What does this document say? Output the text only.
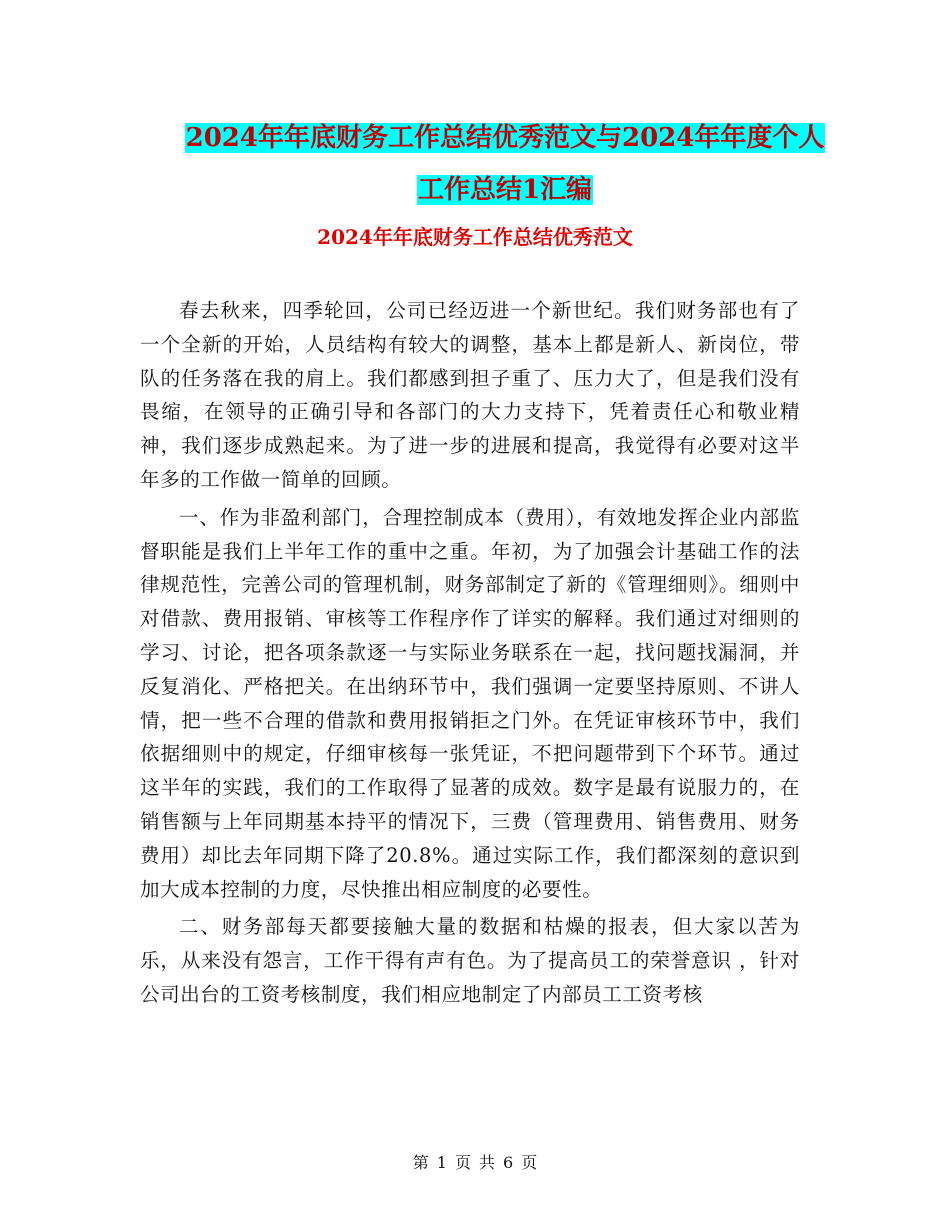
2024年年底财务工作总结优秀范文与2024年年度个人
工作总结1汇编
2024年年底财务工作总结优秀范文

春去秋来，四季轮回，公司已经迈进一个新世纪。我们财务部也有了一个全新的开始，人员结构有较大的调整，基本上都是新人、新岗位，带队的任务落在我的肩上。我们都感到担子重了、压力大了，但是我们没有畏缩，在领导的正确引导和各部门的大力支持下，凭着责任心和敬业精神，我们逐步成熟起来。为了进一步的进展和提高，我觉得有必要对这半年多的工作做一简单的回顾。

一、作为非盈利部门，合理控制成本（费用），有效地发挥企业内部监督职能是我们上半年工作的重中之重。年初，为了加强会计基础工作的法律规范性，完善公司的管理机制，财务部制定了新的《管理细则》。细则中对借款、费用报销、审核等工作程序作了详实的解释。我们通过对细则的学习、讨论，把各项条款逐一与实际业务联系在一起，找问题找漏洞，并反复消化、严格把关。在出纳环节中，我们强调一定要坚持原则、不讲人情，把一些不合理的借款和费用报销拒之门外。在凭证审核环节中，我们依据细则中的规定，仔细审核每一张凭证，不把问题带到下个环节。通过这半年的实践，我们的工作取得了显著的成效。数字是最有说服力的，在销售额与上年同期基本持平的情况下，三费（管理费用、销售费用、财务费用）却比去年同期下降了20.8%。通过实际工作，我们都深刻的意识到加大成本控制的力度，尽快推出相应制度的必要性。

二、财务部每天都要接触大量的数据和枯燥的报表，但大家以苦为乐，从来没有怨言，工作干得有声有色。为了提高员工的荣誉意识 ，针对公司出台的工资考核制度，我们相应地制定了内部员工工资考核

第 1 页 共 6 页
